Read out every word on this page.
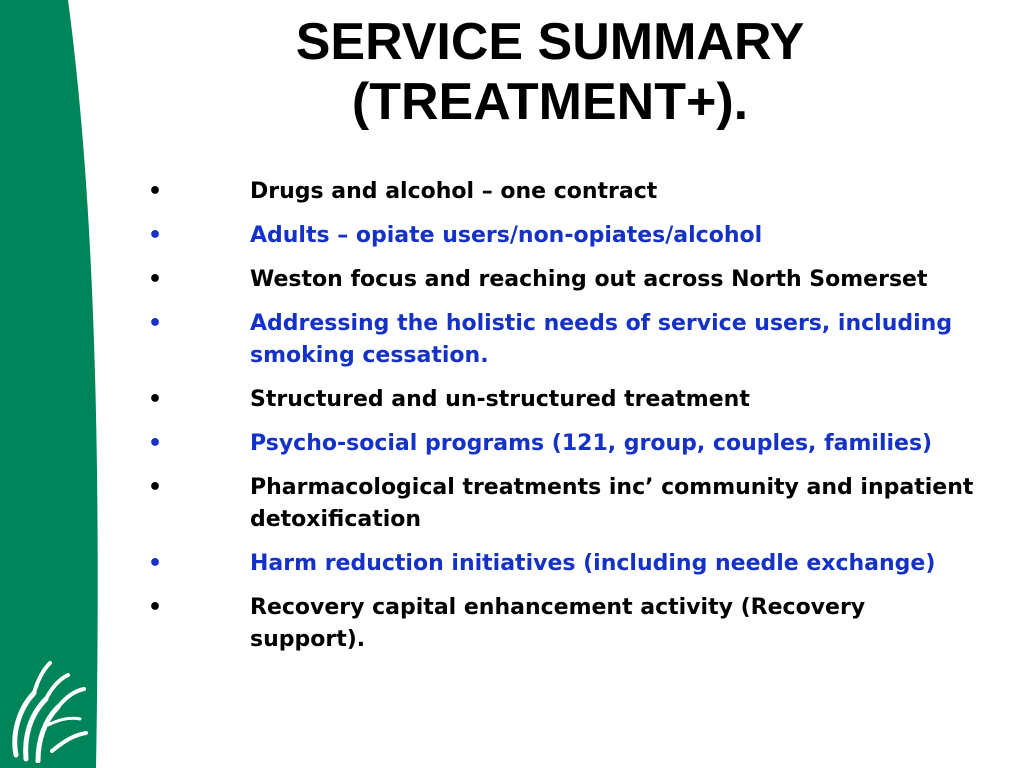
SERVICE SUMMARY
(TREATMENT+).
•	Drugs and alcohol – one contract
•	Adults – opiate users/non-opiates/alcohol
•	Weston focus and reaching out across North Somerset
•	Addressing the holistic needs of service users, including smoking cessation.
•	Structured and un-structured treatment
•	Psycho-social programs (121, group, couples, families)
•	Pharmacological treatments inc’ community and inpatient detoxification
•	Harm reduction initiatives (including needle exchange)
•	Recovery capital enhancement activity (Recovery support).
